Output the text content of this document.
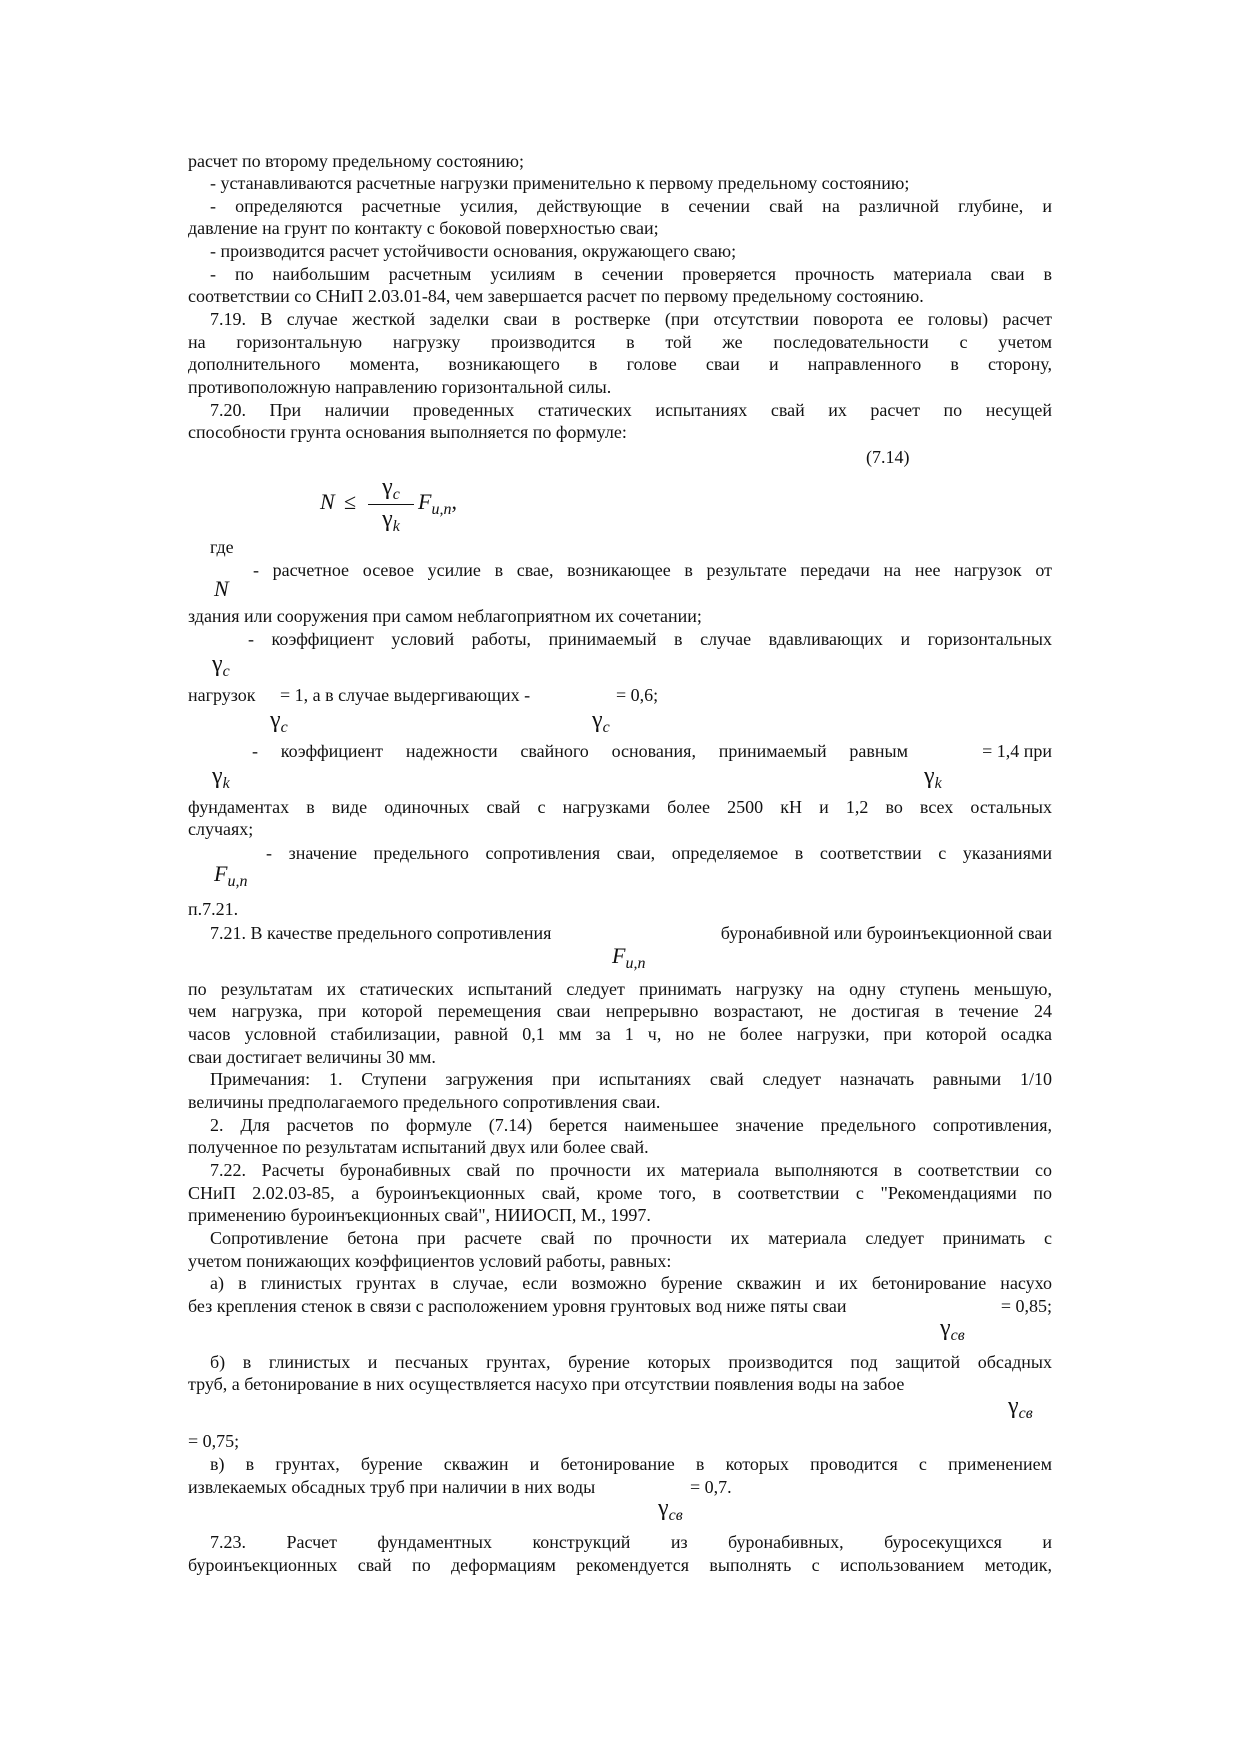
расчет по второму предельному состоянию;

- устанавливаются расчетные нагрузки применительно к первому предельному состоянию;

- определяются расчетные усилия, действующие в сечении свай на различной глубине, и

давление на грунт по контакту с боковой поверхностью сваи;

- производится расчет устойчивости основания, окружающего сваю;

- по наибольшим расчетным усилиям в сечении проверяется прочность материала сваи в

соответствии со СНиП 2.03.01-84, чем завершается расчет по первому предельному состоянию.

7.19. В случае жесткой заделки сваи в ростверке (при отсутствии поворота ее головы) расчет

на горизонтальную нагрузку производится в той же последовательности с учетом

дополнительного момента, возникающего в голове сваи и направленного в сторону,

противоположную направлению горизонтальной силы.

7.20. При наличии проведенных статических испытаниях свай их расчет по несущей

способности грунта основания выполняется по формуле:

(7.14)
N ≤
γc
γk
$F_{u,n}$,

где

- расчетное осевое усилие в свае, возникающее в результате передачи на нее нагрузок от

N

здания или сооружения при самом неблагоприятном их сочетании;

- коэффициент условий работы, принимаемый в случае вдавливающих и горизонтальных

$\gamma_c$

нагрузок = 1, а в случае выдергивающих -	= 0,6;

$\gamma_c$	$\gamma_c$

- коэффициент надежности свайного основания, принимаемый равным	= 1,4 при

$\gamma_k$	$\gamma_k$

фундаментах в виде одиночных свай с нагрузками более 2500 кН и 1,2 во всех остальных

случаях;

- значение предельного сопротивления сваи, определяемое в соответствии с указаниями

$F_{u,n}$

п.7.21.

7.21. В качестве предельного сопротивления	буронабивной или буроинъекционной сваи

$F_{u,n}$

по результатам их статических испытаний следует принимать нагрузку на одну ступень меньшую,

чем нагрузка, при которой перемещения сваи непрерывно возрастают, не достигая в течение 24

часов условной стабилизации, равной 0,1 мм за 1 ч, но не более нагрузки, при которой осадка

сваи достигает величины 30 мм.

Примечания: 1. Ступени загружения при испытаниях свай следует назначать равными 1/10

величины предполагаемого предельного сопротивления сваи.

2. Для расчетов по формуле (7.14) берется наименьшее значение предельного сопротивления,

полученное по результатам испытаний двух или более свай.

7.22. Расчеты буронабивных свай по прочности их материала выполняются в соответствии со

СНиП 2.02.03-85, а буроинъекционных свай, кроме того, в соответствии с "Рекомендациями по

применению буроинъекционных свай", НИИОСП, М., 1997.

Сопротивление бетона при расчете свай по прочности их материала следует принимать с

учетом понижающих коэффициентов условий работы, равных:

а) в глинистых грунтах в случае, если возможно бурение скважин и их бетонирование насухо

без крепления стенок в связи с расположением уровня грунтовых вод ниже пяты сваи	= 0,85;

$\gamma_{св}$

б) в глинистых и песчаных грунтах, бурение которых производится под защитой обсадных

труб, а бетонирование в них осуществляется насухо при отсутствии появления воды на забое

$\gamma_{св}$

= 0,75;

в) в грунтах, бурение скважин и бетонирование в которых проводится с применением

извлекаемых обсадных труб при наличии в них воды	= 0,7.

$\gamma_{св}$

7.23. Расчет фундаментных конструкций из буронабивных, буросекущихся и

буроинъекционных свай по деформациям рекомендуется выполнять с использованием методик,
